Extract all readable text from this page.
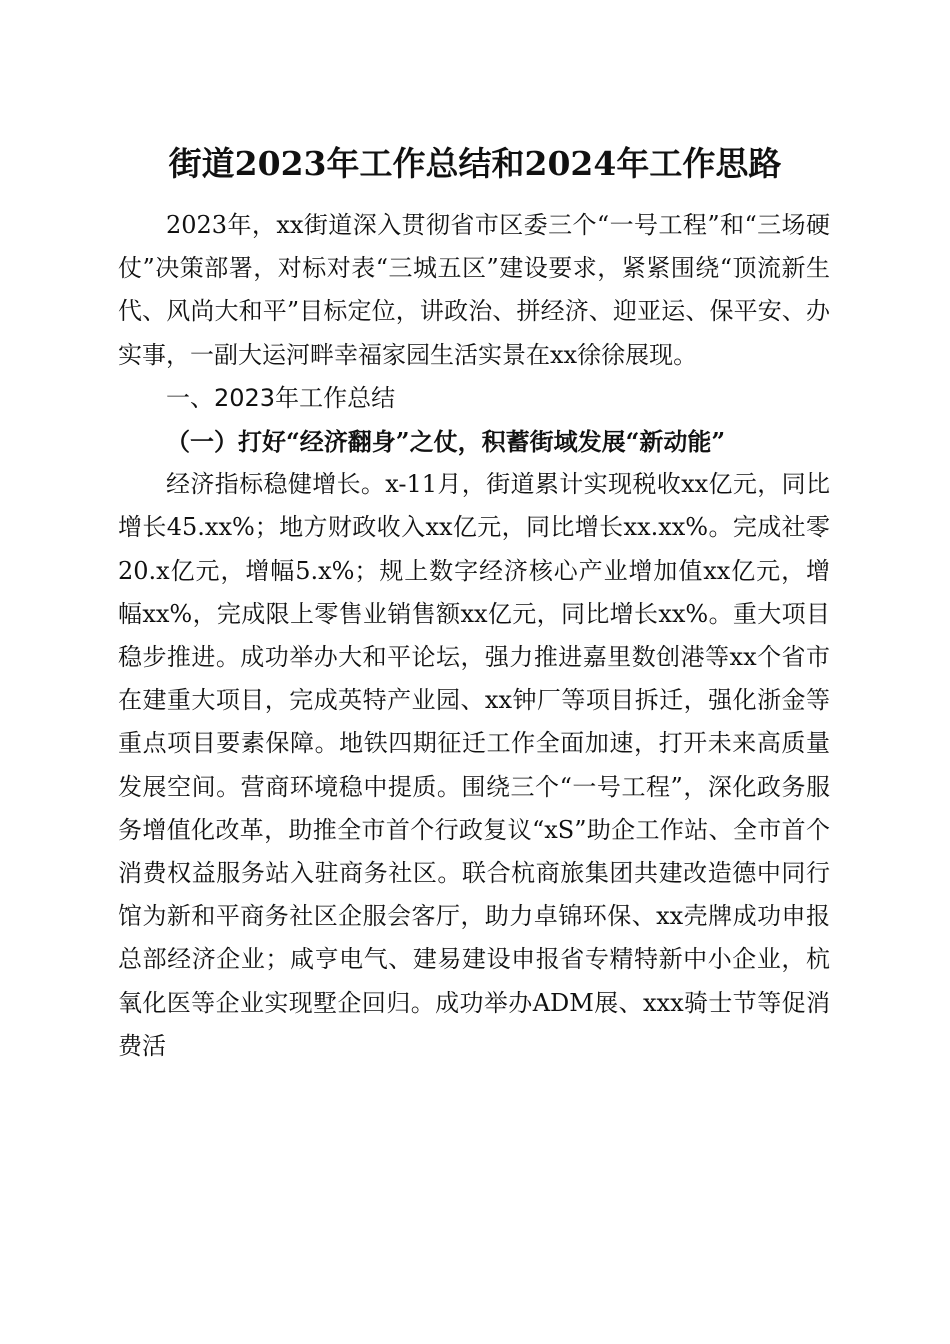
街道2023年工作总结和2024年工作思路

2023年，xx街道深入贯彻省市区委三个“一号工程”和“三场硬仗”决策部署，对标对表“三城五区”建设要求，紧紧围绕“顶流新生代、风尚大和平”目标定位，讲政治、拼经济、迎亚运、保平安、办实事，一副大运河畔幸福家园生活实景在xx徐徐展现。

一、2023年工作总结
（一）打好“经济翻身”之仗，积蓄街域发展“新动能”

经济指标稳健增长。x-11月，街道累计实现税收xx亿元，同比增长45.xx%；地方财政收入xx亿元，同比增长xx.xx%。完成社零20.x亿元，增幅5.x%；规上数字经济核心产业增加值xx亿元，增幅xx%，完成限上零售业销售额xx亿元，同比增长xx%。重大项目稳步推进。成功举办大和平论坛，强力推进嘉里数创港等xx个省市在建重大项目，完成英特产业园、xx钟厂等项目拆迁，强化浙金等重点项目要素保障。地铁四期征迁工作全面加速，打开未来高质量发展空间。营商环境稳中提质。围绕三个“一号工程”，深化政务服务增值化改革，助推全市首个行政复议“xS”助企工作站、全市首个消费权益服务站入驻商务社区。联合杭商旅集团共建改造德中同行馆为新和平商务社区企服会客厅，助力卓锦环保、xx壳牌成功申报总部经济企业；咸亨电气、建易建设申报省专精特新中小企业，杭氧化医等企业实现墅企回归。成功举办ADM展、xxx骑士节等促消费活
